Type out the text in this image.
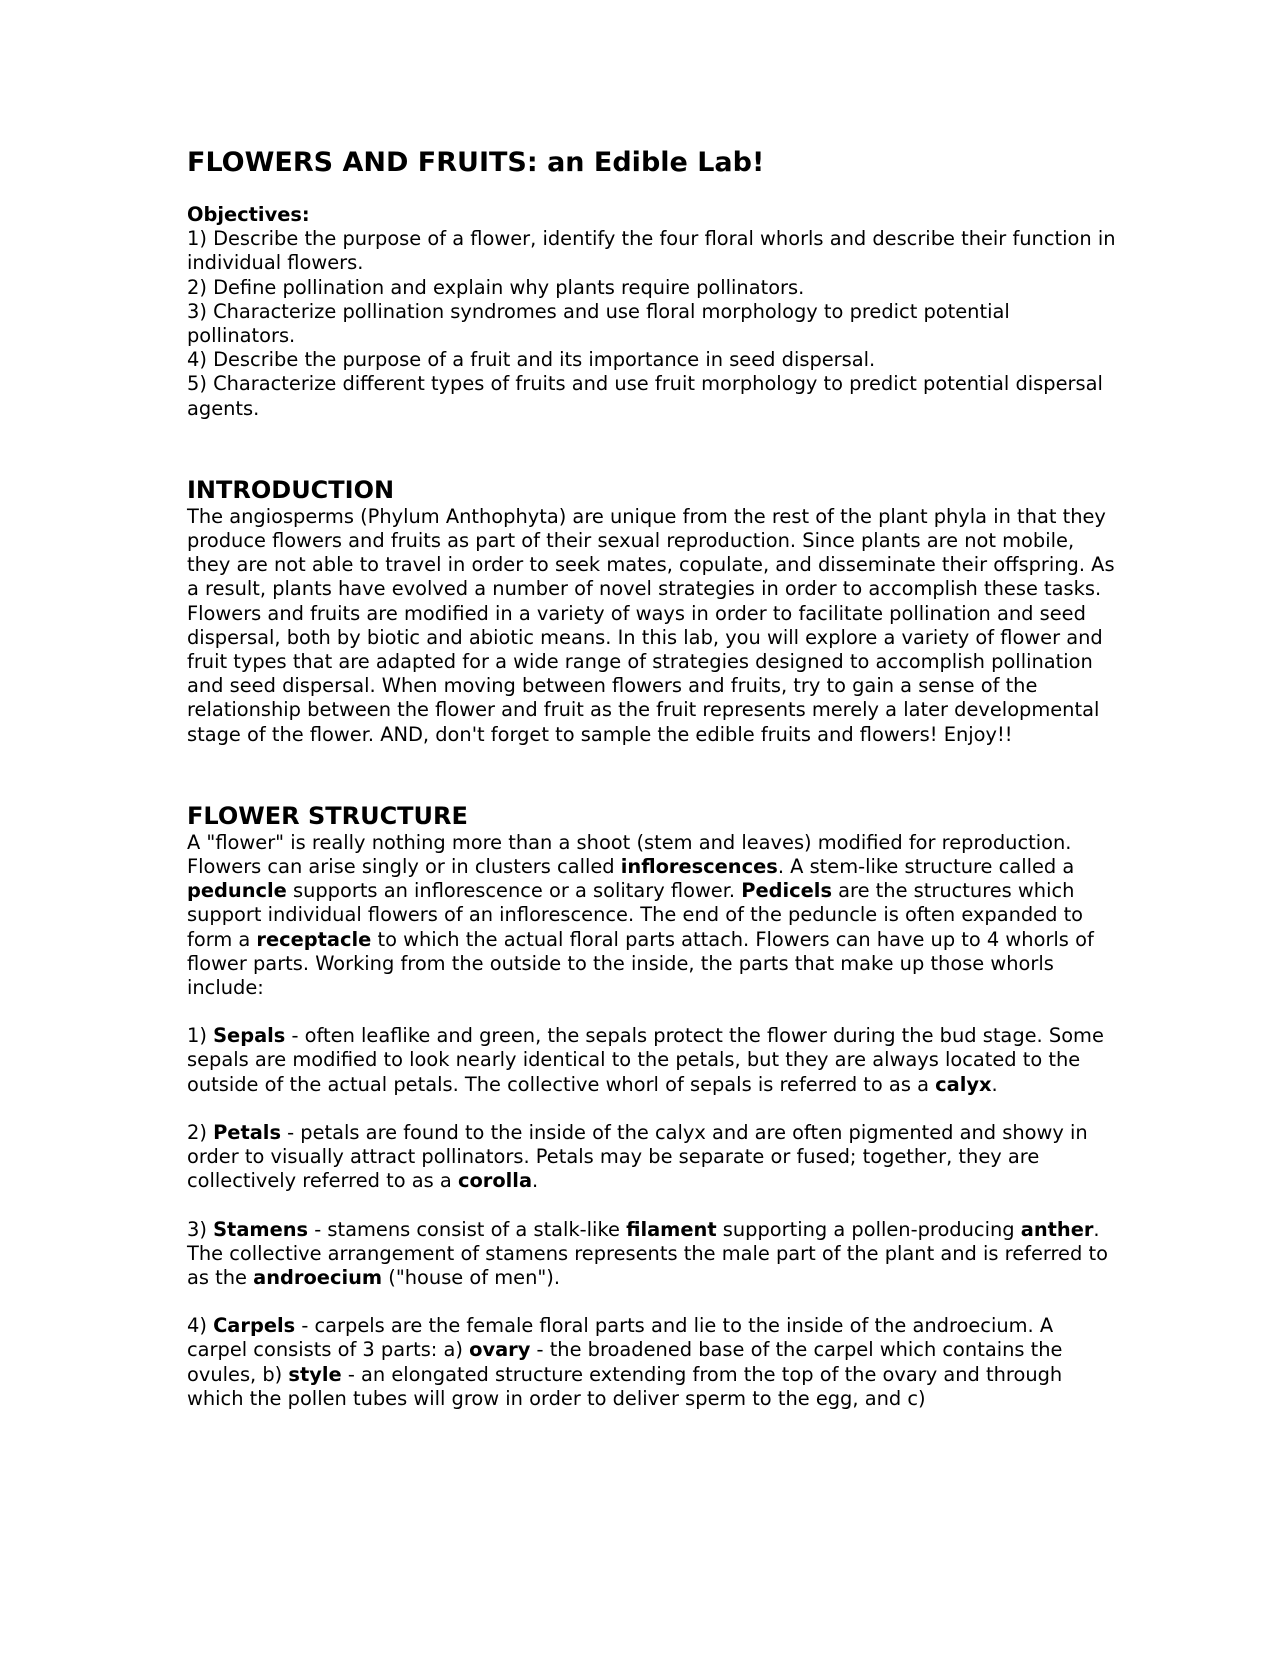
FLOWERS AND FRUITS: an Edible Lab!

Objectives:

1) Describe the purpose of a flower, identify the four floral whorls and describe their function in individual flowers.

2) Define pollination and explain why plants require pollinators.

3) Characterize pollination syndromes and use floral morphology to predict potential pollinators.

4) Describe the purpose of a fruit and its importance in seed dispersal.

5) Characterize different types of fruits and use fruit morphology to predict potential dispersal agents.

INTRODUCTION

The angiosperms (Phylum Anthophyta) are unique from the rest of the plant phyla in that they produce flowers and fruits as part of their sexual reproduction. Since plants are not mobile, they are not able to travel in order to seek mates, copulate, and disseminate their offspring. As a result, plants have evolved a number of novel strategies in order to accomplish these tasks. Flowers and fruits are modified in a variety of ways in order to facilitate pollination and seed dispersal, both by biotic and abiotic means. In this lab, you will explore a variety of flower and fruit types that are adapted for a wide range of strategies designed to accomplish pollination and seed dispersal. When moving between flowers and fruits, try to gain a sense of the relationship between the flower and fruit as the fruit represents merely a later developmental stage of the flower. AND, don't forget to sample the edible fruits and flowers! Enjoy!!

FLOWER STRUCTURE

A "flower" is really nothing more than a shoot (stem and leaves) modified for reproduction. Flowers can arise singly or in clusters called inflorescences. A stem-like structure called a peduncle supports an inflorescence or a solitary flower. Pedicels are the structures which support individual flowers of an inflorescence. The end of the peduncle is often expanded to form a receptacle to which the actual floral parts attach. Flowers can have up to 4 whorls of flower parts. Working from the outside to the inside, the parts that make up those whorls include:

1) Sepals - often leaflike and green, the sepals protect the flower during the bud stage. Some sepals are modified to look nearly identical to the petals, but they are always located to the outside of the actual petals. The collective whorl of sepals is referred to as a calyx.

2) Petals - petals are found to the inside of the calyx and are often pigmented and showy in order to visually attract pollinators. Petals may be separate or fused; together, they are collectively referred to as a corolla.

3) Stamens - stamens consist of a stalk-like filament supporting a pollen-producing anther. The collective arrangement of stamens represents the male part of the plant and is referred to as the androecium ("house of men").

4) Carpels - carpels are the female floral parts and lie to the inside of the androecium. A carpel consists of 3 parts: a) ovary - the broadened base of the carpel which contains the ovules, b) style - an elongated structure extending from the top of the ovary and through which the pollen tubes will grow in order to deliver sperm to the egg, and c)
